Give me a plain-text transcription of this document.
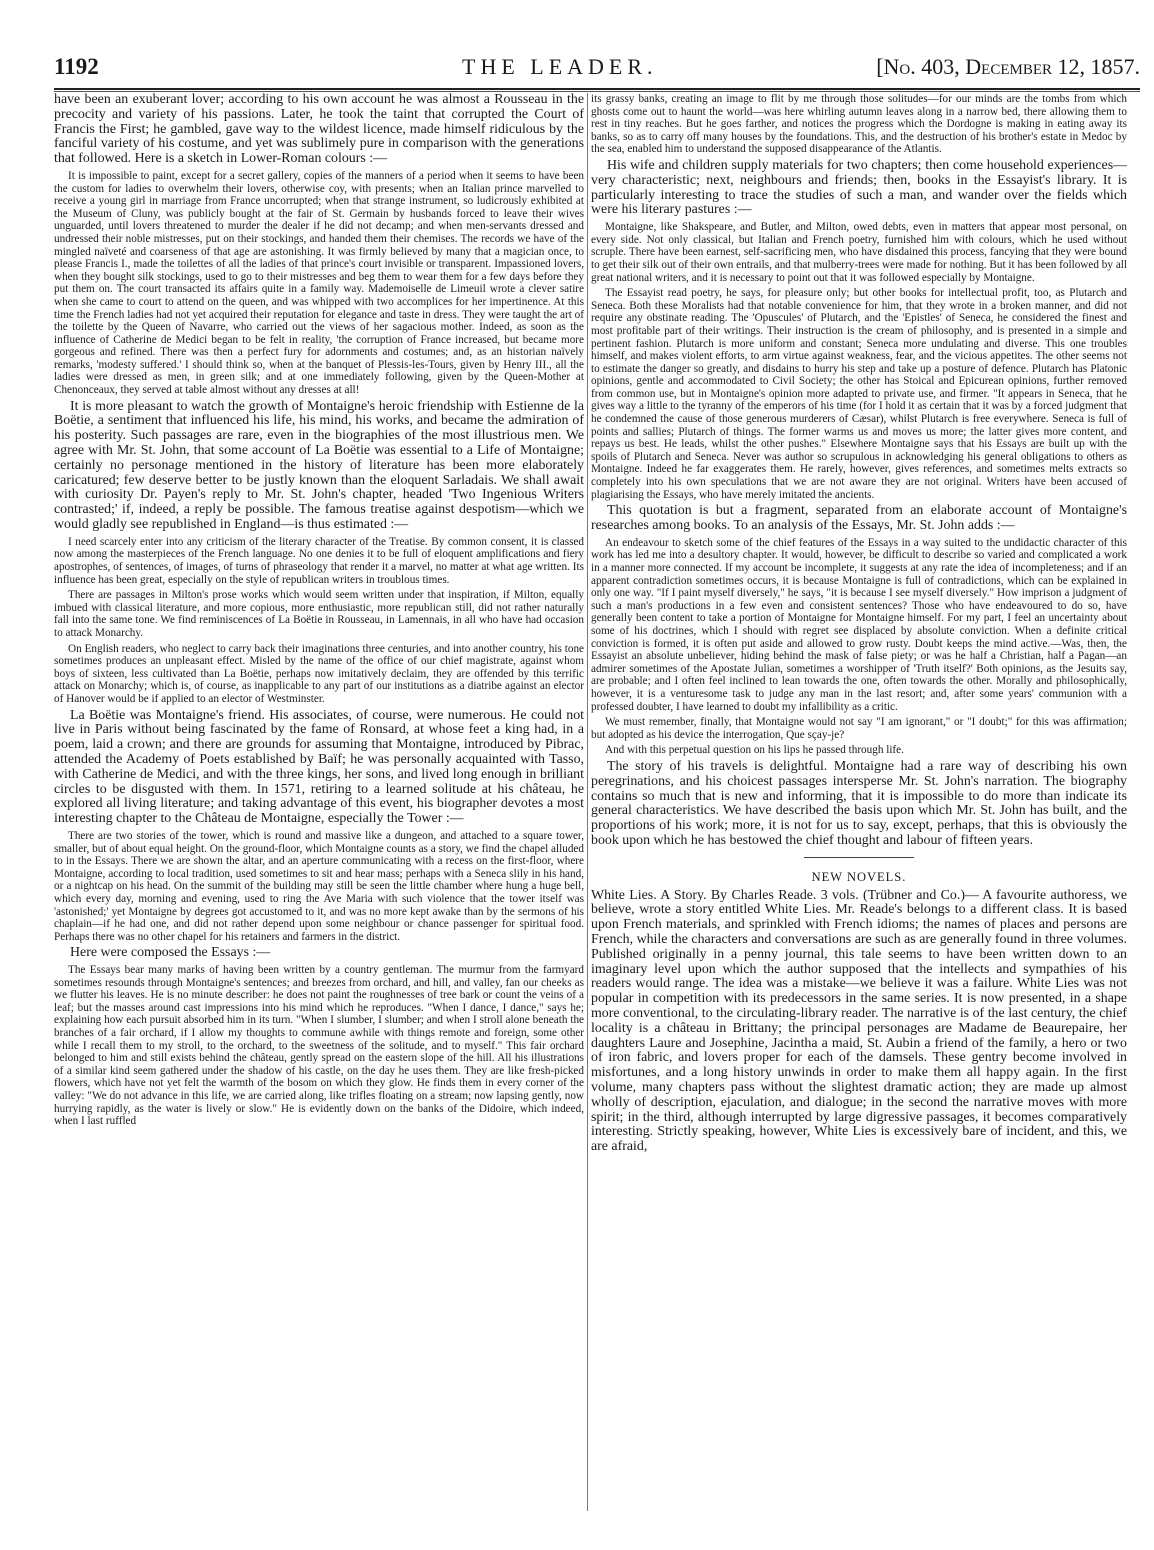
1192	THE LEADER.	[No. 403, December 12, 1857.

have been an exuberant lover; according to his own account he was almost a Rousseau in the precocity and variety of his passions. Later, he took the taint that corrupted the Court of Francis the First; he gambled, gave way to the wildest licence, made himself ridiculous by the fanciful variety of his costume, and yet was sublimely pure in comparison with the generations that followed. Here is a sketch in Lower-Roman colours :—

It is impossible to paint, except for a secret gallery, copies of the manners of a period when it seems to have been the custom for ladies to overwhelm their lovers, otherwise coy, with presents; when an Italian prince marvelled to receive a young girl in marriage from France uncorrupted; when that strange instrument, so ludicrously exhibited at the Museum of Cluny, was publicly bought at the fair of St. Germain by husbands forced to leave their wives unguarded, until lovers threatened to murder the dealer if he did not decamp; and when men-servants dressed and undressed their noble mistresses, put on their stockings, and handed them their chemises. The records we have of the mingled naïveté and coarseness of that age are astonishing. It was firmly believed by many that a magician once, to please Francis I., made the toilettes of all the ladies of that prince's court invisible or transparent. Impassioned lovers, when they bought silk stockings, used to go to their mistresses and beg them to wear them for a few days before they put them on. The court transacted its affairs quite in a family way. Mademoiselle de Limeuil wrote a clever satire when she came to court to attend on the queen, and was whipped with two accomplices for her impertinence. At this time the French ladies had not yet acquired their reputation for elegance and taste in dress. They were taught the art of the toilette by the Queen of Navarre, who carried out the views of her sagacious mother. Indeed, as soon as the influence of Catherine de Medici began to be felt in reality, 'the corruption of France increased, but became more gorgeous and refined. There was then a perfect fury for adornments and costumes; and, as an historian naïvely remarks, 'modesty suffered.' I should think so, when at the banquet of Plessis-les-Tours, given by Henry III., all the ladies were dressed as men, in green silk; and at one immediately following, given by the Queen-Mother at Chenonceaux, they served at table almost without any dresses at all!

It is more pleasant to watch the growth of Montaigne's heroic friendship with Estienne de la Boëtie, a sentiment that influenced his life, his mind, his works, and became the admiration of his posterity. Such passages are rare, even in the biographies of the most illustrious men. We agree with Mr. St. John, that some account of La Boëtie was essential to a Life of Montaigne; certainly no personage mentioned in the history of literature has been more elaborately caricatured; few deserve better to be justly known than the eloquent Sarladais. We shall await with curiosity Dr. Payen's reply to Mr. St. John's chapter, headed 'Two Ingenious Writers contrasted;' if, indeed, a reply be possible. The famous treatise against despotism—which we would gladly see republished in England—is thus estimated :—

I need scarcely enter into any criticism of the literary character of the Treatise. By common consent, it is classed now among the masterpieces of the French language. No one denies it to be full of eloquent amplifications and fiery apostrophes, of sentences, of images, of turns of phraseology that render it a marvel, no matter at what age written. Its influence has been great, especially on the style of republican writers in troublous times.

There are passages in Milton's prose works which would seem written under that inspiration, if Milton, equally imbued with classical literature, and more copious, more enthusiastic, more republican still, did not rather naturally fall into the same tone. We find reminiscences of La Boëtie in Rousseau, in Lamennais, in all who have had occasion to attack Monarchy.

On English readers, who neglect to carry back their imaginations three centuries, and into another country, his tone sometimes produces an unpleasant effect. Misled by the name of the office of our chief magistrate, against whom boys of sixteen, less cultivated than La Boëtie, perhaps now imitatively declaim, they are offended by this terrific attack on Monarchy; which is, of course, as inapplicable to any part of our institutions as a diatribe against an elector of Hanover would be if applied to an elector of Westminster.

La Boëtie was Montaigne's friend. His associates, of course, were numerous. He could not live in Paris without being fascinated by the fame of Ronsard, at whose feet a king had, in a poem, laid a crown; and there are grounds for assuming that Montaigne, introduced by Pibrac, attended the Academy of Poets established by Baïf; he was personally acquainted with Tasso, with Catherine de Medici, and with the three kings, her sons, and lived long enough in brilliant circles to be disgusted with them. In 1571, retiring to a learned solitude at his château, he explored all living literature; and taking advantage of this event, his biographer devotes a most interesting chapter to the Château de Montaigne, especially the Tower :—

There are two stories of the tower, which is round and massive like a dungeon, and attached to a square tower, smaller, but of about equal height. On the ground-floor, which Montaigne counts as a story, we find the chapel alluded to in the Essays. There we are shown the altar, and an aperture communicating with a recess on the first-floor, where Montaigne, according to local tradition, used sometimes to sit and hear mass; perhaps with a Seneca slily in his hand, or a nightcap on his head. On the summit of the building may still be seen the little chamber where hung a huge bell, which every day, morning and evening, used to ring the Ave Maria with such violence that the tower itself was 'astonished;' yet Montaigne by degrees got accustomed to it, and was no more kept awake than by the sermons of his chaplain—if he had one, and did not rather depend upon some neighbour or chance passenger for spiritual food. Perhaps there was no other chapel for his retainers and farmers in the district.

Here were composed the Essays :—

The Essays bear many marks of having been written by a country gentleman. The murmur from the farmyard sometimes resounds through Montaigne's sentences; and breezes from orchard, and hill, and valley, fan our cheeks as we flutter his leaves. He is no minute describer: he does not paint the roughnesses of tree bark or count the veins of a leaf; but the masses around cast impressions into his mind which he reproduces. "When I dance, I dance," says he; explaining how each pursuit absorbed him in its turn. "When I slumber, I slumber; and when I stroll alone beneath the branches of a fair orchard, if I allow my thoughts to commune awhile with things remote and foreign, some other while I recall them to my stroll, to the orchard, to the sweetness of the solitude, and to myself." This fair orchard belonged to him and still exists behind the château, gently spread on the eastern slope of the hill. All his illustrations of a similar kind seem gathered under the shadow of his castle, on the day he uses them. They are like fresh-picked flowers, which have not yet felt the warmth of the bosom on which they glow. He finds them in every corner of the valley: "We do not advance in this life, we are carried along, like trifles floating on a stream; now lapsing gently, now hurrying rapidly, as the water is lively or slow." He is evidently down on the banks of the Didoire, which indeed, when I last ruffled

its grassy banks, creating an image to flit by me through those solitudes—for our minds are the tombs from which ghosts come out to haunt the world—was here whirling autumn leaves along in a narrow bed, there allowing them to rest in tiny reaches. But he goes farther, and notices the progress which the Dordogne is making in eating away its banks, so as to carry off many houses by the foundations. This, and the destruction of his brother's estate in Medoc by the sea, enabled him to understand the supposed disappearance of the Atlantis.

His wife and children supply materials for two chapters; then come household experiences—very characteristic; next, neighbours and friends; then, books in the Essayist's library. It is particularly interesting to trace the studies of such a man, and wander over the fields which were his literary pastures :—

Montaigne, like Shakspeare, and Butler, and Milton, owed debts, even in matters that appear most personal, on every side. Not only classical, but Italian and French poetry, furnished him with colours, which he used without scruple. There have been earnest, self-sacrificing men, who have disdained this process, fancying that they were bound to get their silk out of their own entrails, and that mulberry-trees were made for nothing. But it has been followed by all great national writers, and it is necessary to point out that it was followed especially by Montaigne.

The Essayist read poetry, he says, for pleasure only; but other books for intellectual profit, too, as Plutarch and Seneca. Both these Moralists had that notable convenience for him, that they wrote in a broken manner, and did not require any obstinate reading. The 'Opuscules' of Plutarch, and the 'Epistles' of Seneca, he considered the finest and most profitable part of their writings. Their instruction is the cream of philosophy, and is presented in a simple and pertinent fashion. Plutarch is more uniform and constant; Seneca more undulating and diverse. This one troubles himself, and makes violent efforts, to arm virtue against weakness, fear, and the vicious appetites. The other seems not to estimate the danger so greatly, and disdains to hurry his step and take up a posture of defence. Plutarch has Platonic opinions, gentle and accommodated to Civil Society; the other has Stoical and Epicurean opinions, further removed from common use, but in Montaigne's opinion more adapted to private use, and firmer. "It appears in Seneca, that he gives way a little to the tyranny of the emperors of his time (for I hold it as certain that it was by a forced judgment that he condemned the cause of those generous murderers of Cæsar), whilst Plutarch is free everywhere. Seneca is full of points and sallies; Plutarch of things. The former warms us and moves us more; the latter gives more content, and repays us best. He leads, whilst the other pushes." Elsewhere Montaigne says that his Essays are built up with the spoils of Plutarch and Seneca. Never was author so scrupulous in acknowledging his general obligations to others as Montaigne. Indeed he far exaggerates them. He rarely, however, gives references, and sometimes melts extracts so completely into his own speculations that we are not aware they are not original. Writers have been accused of plagiarising the Essays, who have merely imitated the ancients.

This quotation is but a fragment, separated from an elaborate account of Montaigne's researches among books. To an analysis of the Essays, Mr. St. John adds :—

An endeavour to sketch some of the chief features of the Essays in a way suited to the undidactic character of this work has led me into a desultory chapter. It would, however, be difficult to describe so varied and complicated a work in a manner more connected. If my account be incomplete, it suggests at any rate the idea of incompleteness; and if an apparent contradiction sometimes occurs, it is because Montaigne is full of contradictions, which can be explained in only one way. "If I paint myself diversely," he says, "it is because I see myself diversely." How imprison a judgment of such a man's productions in a few even and consistent sentences? Those who have endeavoured to do so, have generally been content to take a portion of Montaigne for Montaigne himself. For my part, I feel an uncertainty about some of his doctrines, which I should with regret see displaced by absolute conviction. When a definite critical conviction is formed, it is often put aside and allowed to grow rusty. Doubt keeps the mind active.—Was, then, the Essayist an absolute unbeliever, hiding behind the mask of false piety; or was he half a Christian, half a Pagan—an admirer sometimes of the Apostate Julian, sometimes a worshipper of 'Truth itself?' Both opinions, as the Jesuits say, are probable; and I often feel inclined to lean towards the one, often towards the other. Morally and philosophically, however, it is a venturesome task to judge any man in the last resort; and, after some years' communion with a professed doubter, I have learned to doubt my infallibility as a critic.

We must remember, finally, that Montaigne would not say "I am ignorant," or "I doubt;" for this was affirmation; but adopted as his device the interrogation, Que sçay-je?

And with this perpetual question on his lips he passed through life.

The story of his travels is delightful. Montaigne had a rare way of describing his own peregrinations, and his choicest passages intersperse Mr. St. John's narration. The biography contains so much that is new and informing, that it is impossible to do more than indicate its general characteristics. We have described the basis upon which Mr. St. John has built, and the proportions of his work; more, it is not for us to say, except, perhaps, that this is obviously the book upon which he has bestowed the chief thought and labour of fifteen years.

NEW NOVELS.

White Lies. A Story. By Charles Reade. 3 vols. (Trübner and Co.)— A favourite authoress, we believe, wrote a story entitled White Lies. Mr. Reade's belongs to a different class. It is based upon French materials, and sprinkled with French idioms; the names of places and persons are French, while the characters and conversations are such as are generally found in three volumes. Published originally in a penny journal, this tale seems to have been written down to an imaginary level upon which the author supposed that the intellects and sympathies of his readers would range. The idea was a mistake—we believe it was a failure. White Lies was not popular in competition with its predecessors in the same series. It is now presented, in a shape more conventional, to the circulating-library reader. The narrative is of the last century, the chief locality is a château in Brittany; the principal personages are Madame de Beaurepaire, her daughters Laure and Josephine, Jacintha a maid, St. Aubin a friend of the family, a hero or two of iron fabric, and lovers proper for each of the damsels. These gentry become involved in misfortunes, and a long history unwinds in order to make them all happy again. In the first volume, many chapters pass without the slightest dramatic action; they are made up almost wholly of description, ejaculation, and dialogue; in the second the narrative moves with more spirit; in the third, although interrupted by large digressive passages, it becomes comparatively interesting. Strictly speaking, however, White Lies is excessively bare of incident, and this, we are afraid,
